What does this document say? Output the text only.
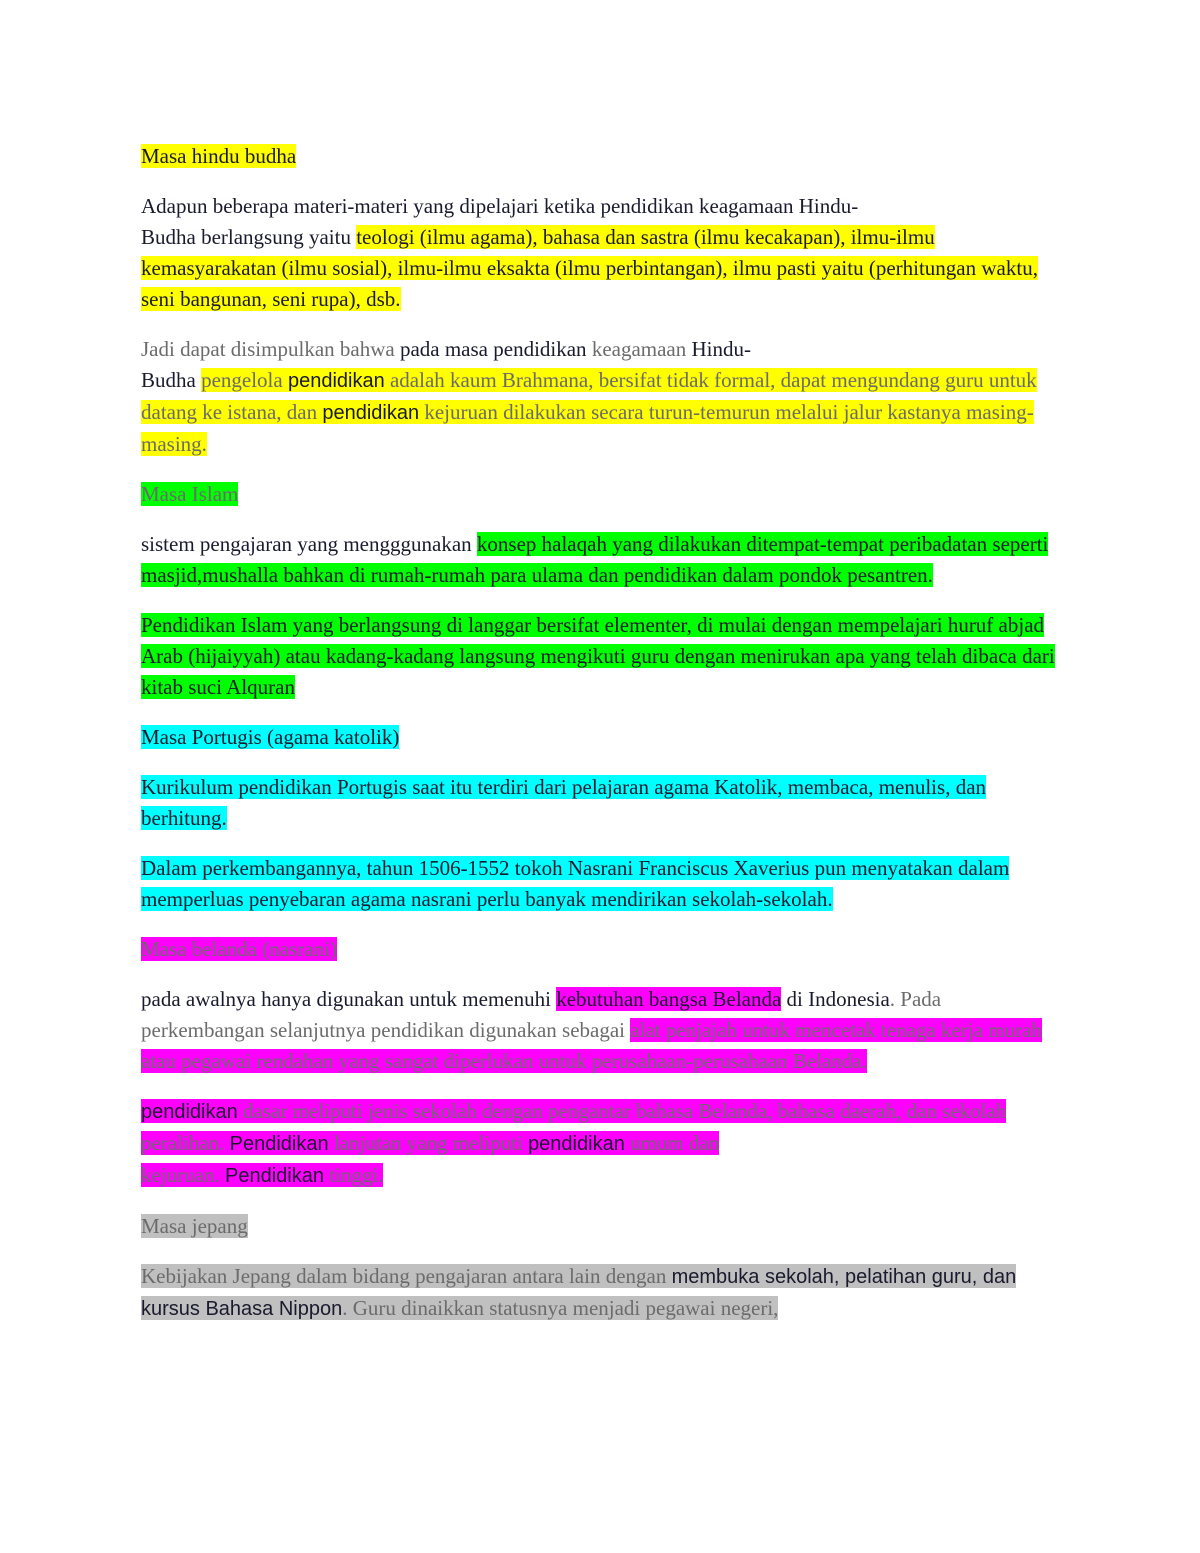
Masa hindu budha

Adapun beberapa materi-materi yang dipelajari ketika pendidikan keagamaan Hindu-
Budha berlangsung yaitu teologi (ilmu agama), bahasa dan sastra (ilmu kecakapan), ilmu-ilmu kemasyarakatan (ilmu sosial), ilmu-ilmu eksakta (ilmu perbintangan), ilmu pasti yaitu (perhitungan waktu, seni bangunan, seni rupa), dsb.

Jadi dapat disimpulkan bahwa pada masa pendidikan keagamaan Hindu-
Budha pengelola pendidikan adalah kaum Brahmana, bersifat tidak formal, dapat mengundang guru untuk datang ke istana, dan pendidikan kejuruan dilakukan secara turun-temurun melalui jalur kastanya masing-masing.

Masa Islam

sistem pengajaran yang mengggunakan konsep halaqah yang dilakukan ditempat-tempat peribadatan seperti masjid,mushalla bahkan di rumah-rumah para ulama dan pendidikan dalam pondok pesantren.

Pendidikan Islam yang berlangsung di langgar bersifat elementer, di mulai dengan mempelajari huruf abjad Arab (hijaiyyah) atau kadang-kadang langsung mengikuti guru dengan menirukan apa yang telah dibaca dari kitab suci Alquran

Masa Portugis (agama katolik)

Kurikulum pendidikan Portugis saat itu terdiri dari pelajaran agama Katolik, membaca, menulis, dan berhitung.

Dalam perkembangannya, tahun 1506-1552 tokoh Nasrani Franciscus Xaverius pun menyatakan dalam memperluas penyebaran agama nasrani perlu banyak mendirikan sekolah-sekolah.

Masa belanda (nasrani)

pada awalnya hanya digunakan untuk memenuhi kebutuhan bangsa Belanda di Indonesia. Pada perkembangan selanjutnya pendidikan digunakan sebagai alat penjajah untuk mencetak tenaga kerja murah atau pegawai rendahan yang sangat diperlukan untuk perusahaan-perusahaan Belanda.

pendidikan dasar meliputi jenis sekolah dengan pengantar bahasa Belanda, bahasa daerah, dan sekolah peralihan. Pendidikan lanjutan yang meliputi pendidikan umum dan
kejuruan. Pendidikan tinggi.

Masa jepang

Kebijakan Jepang dalam bidang pengajaran antara lain dengan membuka sekolah, pelatihan guru, dan kursus Bahasa Nippon. Guru dinaikkan statusnya menjadi pegawai negeri,
